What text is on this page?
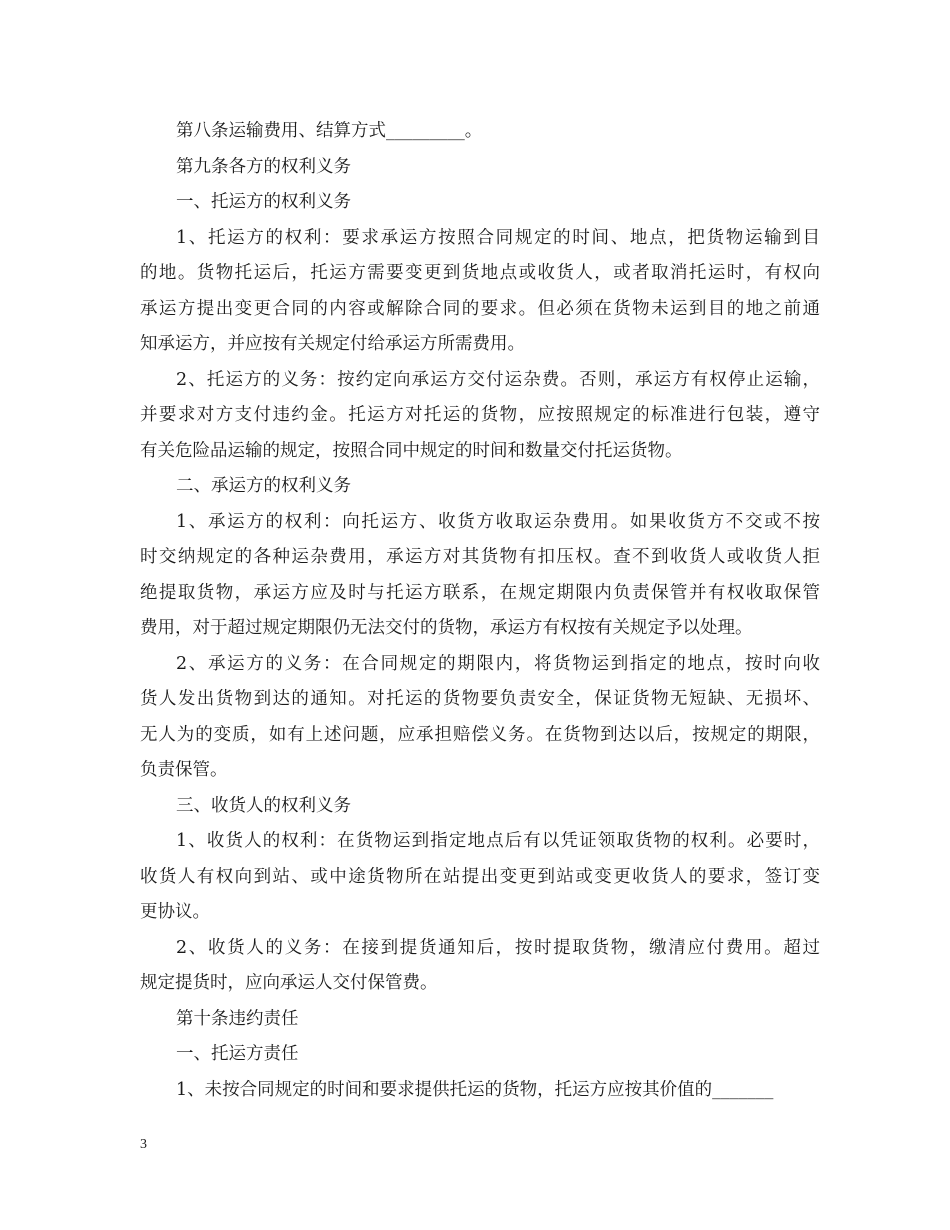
第八条运输费用、结算方式_________。
第九条各方的权利义务
一、托运方的权利义务
1、托运方的权利：要求承运方按照合同规定的时间、地点，把货物运输到目
的地。货物托运后，托运方需要变更到货地点或收货人，或者取消托运时，有权向
承运方提出变更合同的内容或解除合同的要求。但必须在货物未运到目的地之前通
知承运方，并应按有关规定付给承运方所需费用。
2、托运方的义务：按约定向承运方交付运杂费。否则，承运方有权停止运输，
并要求对方支付违约金。托运方对托运的货物，应按照规定的标准进行包装，遵守
有关危险品运输的规定，按照合同中规定的时间和数量交付托运货物。
二、承运方的权利义务
1、承运方的权利：向托运方、收货方收取运杂费用。如果收货方不交或不按
时交纳规定的各种运杂费用，承运方对其货物有扣压权。查不到收货人或收货人拒
绝提取货物，承运方应及时与托运方联系，在规定期限内负责保管并有权收取保管
费用，对于超过规定期限仍无法交付的货物，承运方有权按有关规定予以处理。
2、承运方的义务：在合同规定的期限内，将货物运到指定的地点，按时向收
货人发出货物到达的通知。对托运的货物要负责安全，保证货物无短缺、无损坏、
无人为的变质，如有上述问题，应承担赔偿义务。在货物到达以后，按规定的期限，
负责保管。
三、收货人的权利义务
1、收货人的权利：在货物运到指定地点后有以凭证领取货物的权利。必要时，
收货人有权向到站、或中途货物所在站提出变更到站或变更收货人的要求，签订变
更协议。
2、收货人的义务：在接到提货通知后，按时提取货物，缴清应付费用。超过
规定提货时，应向承运人交付保管费。
第十条违约责任
一、托运方责任
1、未按合同规定的时间和要求提供托运的货物，托运方应按其价值的_______
3
